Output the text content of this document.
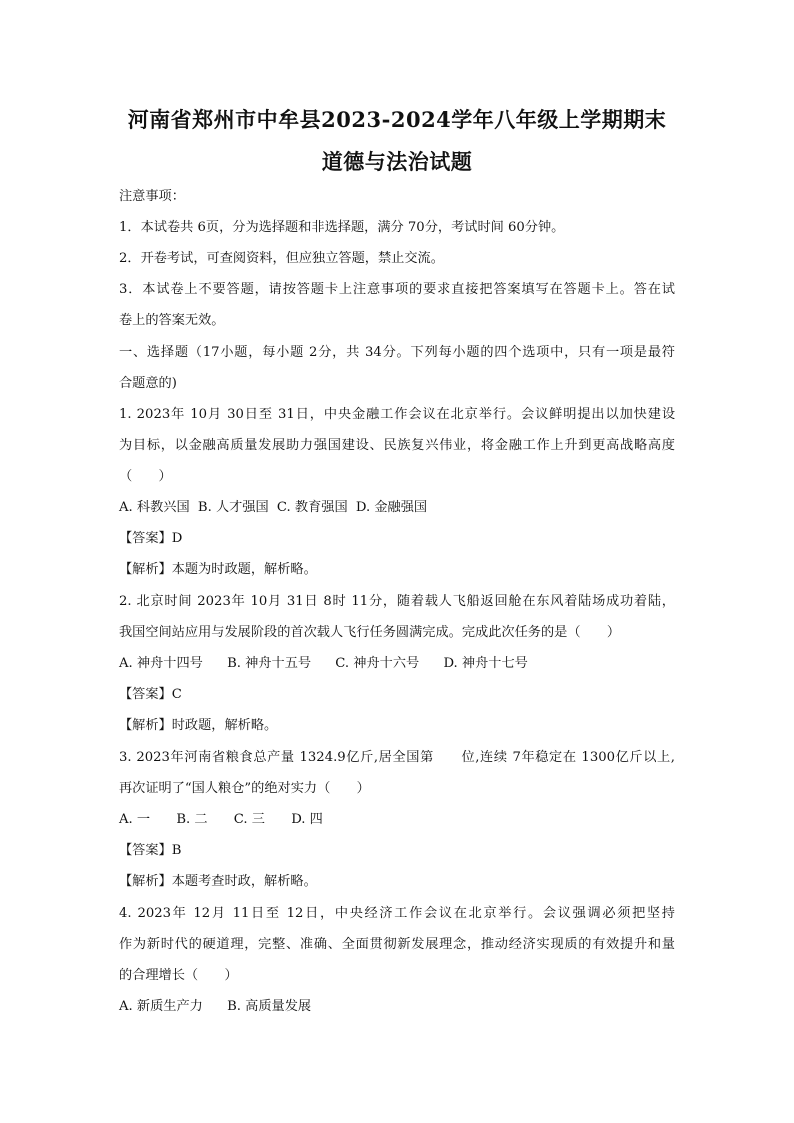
河南省郑州市中牟县2023-2024学年八年级上学期期末
道德与法治试题
注意事项：
1．本试卷共 6页，分为选择题和非选择题，满分 70分，考试时间 60分钟。
2．开卷考试，可查阅资料，但应独立答题，禁止交流。
3．本试卷上不要答题，请按答题卡上注意事项的要求直接把答案填写在答题卡上。答在试
卷上的答案无效。
一、选择题（17小题，每小题 2分，共 34分。下列每小题的四个选项中，只有一项是最符
合题意的)
1. 2023年 10月 30日至 31日，中央金融工作会议在北京举行。会议鲜明提出以加快建设
为目标，以金融高质量发展助力强国建设、民族复兴伟业，将金融工作上升到更高战略高度
（　　）
A. 科教兴国 B. 人才强国 C. 教育强国 D. 金融强国
【答案】D
【解析】本题为时政题，解析略。
2. 北京时间 2023年 10月 31日 8时 11分，随着载人飞船返回舱在东风着陆场成功着陆，
我国空间站应用与发展阶段的首次载人飞行任务圆满完成。完成此次任务的是（　　）
A. 神舟十四号 B. 神舟十五号 C. 神舟十六号 D. 神舟十七号
【答案】C
【解析】时政题，解析略。
3. 2023年河南省粮食总产量 1324.9亿斤,居全国第　　位,连续 7年稳定在 1300亿斤以上,
再次证明了“国人粮仓”的绝对实力（　　）
A. 一 B. 二 C. 三 D. 四
【答案】B
【解析】本题考查时政，解析略。
4. 2023年 12月 11日至 12日，中央经济工作会议在北京举行。会议强调必须把坚持
作为新时代的硬道理，完整、准确、全面贯彻新发展理念，推动经济实现质的有效提升和量
的合理增长（　　）
A. 新质生产力 B. 高质量发展
